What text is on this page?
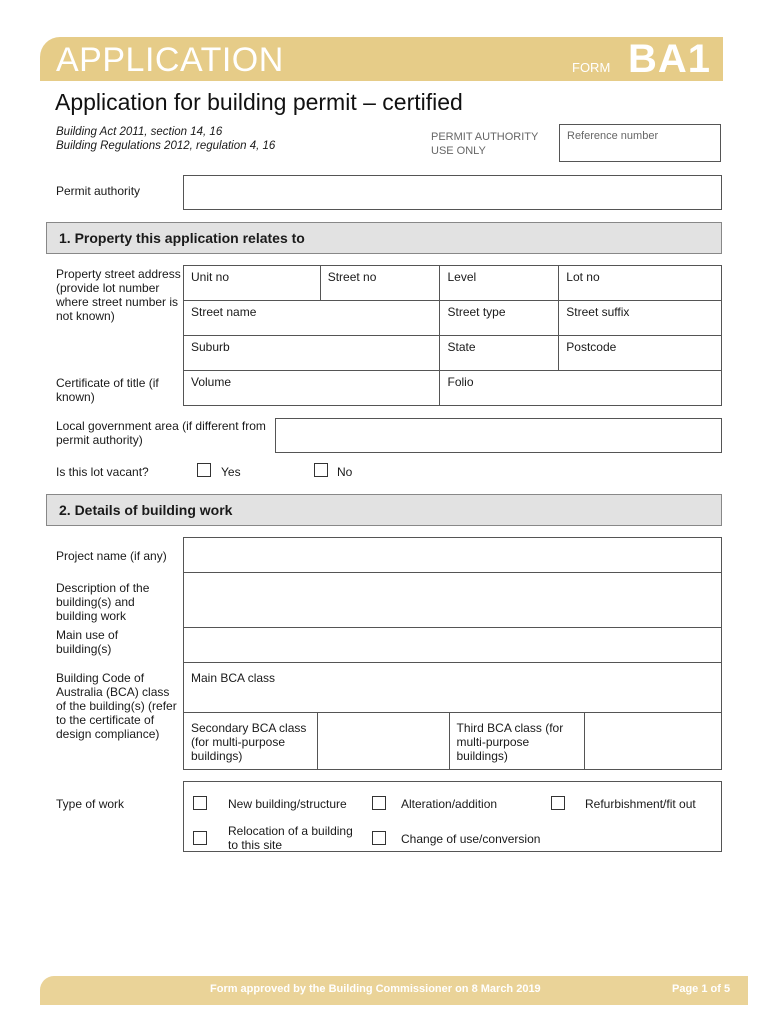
APPLICATION	FORM BA1
Application for building permit – certified
Building Act 2011, section 14, 16
Building Regulations 2012, regulation 4, 16
PERMIT AUTHORITY
USE ONLY
Reference number
Permit authority
1. Property this application relates to
Property street address (provide lot number where street number is not known)
Unit no	Street no	Level	Lot no
Street name		Street type	Street suffix
Suburb		State	Postcode
Volume		Folio	
Certificate of title (if known)
Local government area (if different from permit authority)
Is this lot vacant?	Yes	No
2. Details of building work
Project name (if any)
Description of the building(s) and building work
Main use of building(s)
Building Code of Australia (BCA) class of the building(s) (refer to the certificate of design compliance)

Main BCA class
Secondary BCA class (for multi-purpose buildings)		Third BCA class (for multi-purpose buildings)	
Type of work	New building/structure	Alteration/addition	Refurbishment/fit out
Relocation of a building to this site	Change of use/conversion
Form approved by the Building Commissioner on 8 March 2019	Page 1 of 5
